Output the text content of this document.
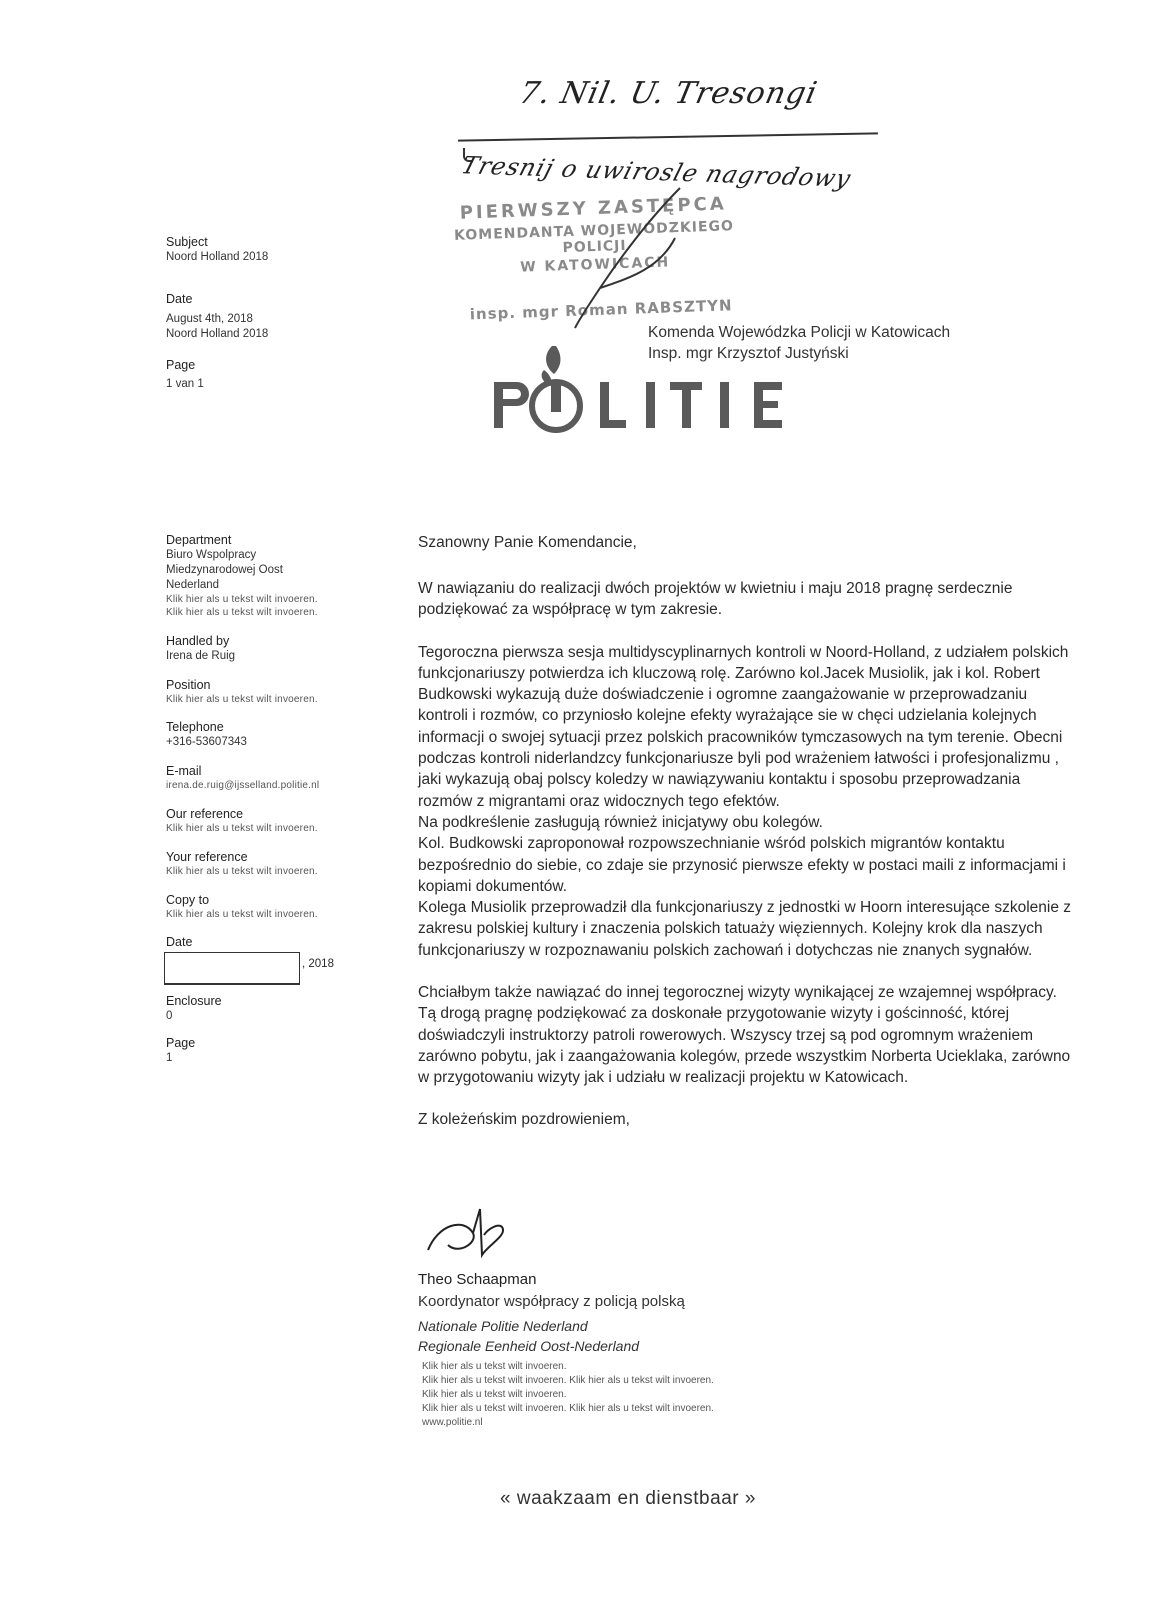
7. Nil. U. Tresongi
Tresnij o uwirosle nagrodowy
PIERWSZY ZASTĘPCA
KOMENDANTA WOJEWÓDZKIEGO POLICJI
W KATOWICACH
insp. mgr Roman RABSZTYN
Komenda Wojewódzka Policji w Katowicach
Insp. mgr Krzysztof Justyński
Subject
Noord Holland 2018
Date
August 4th, 2018
Noord Holland 2018
Page
1 van 1
Department
Biuro Wspolpracy
Miedzynarodowej Oost
Nederland
Klik hier als u tekst wilt invoeren.
Klik hier als u tekst wilt invoeren.
Handled by
Irena de Ruig
Position
Klik hier als u tekst wilt invoeren.
Telephone
+316-53607343
E-mail
irena.de.ruig@ijsselland.politie.nl
Our reference
Klik hier als u tekst wilt invoeren.
Your reference
Klik hier als u tekst wilt invoeren.
Copy to
Klik hier als u tekst wilt invoeren.
Date
, 2018
Enclosure
0
Page
1
Szanowny Panie Komendancie,

W nawiązaniu do realizacji dwóch projektów w kwietniu i maju 2018 pragnę serdecznie podziękować za współpracę w tym zakresie.

Tegoroczna pierwsza sesja multidyscyplinarnych kontroli w Noord-Holland, z udziałem polskich funkcjonariuszy potwierdza ich kluczową rolę. Zarówno kol.Jacek Musiolik, jak i kol. Robert Budkowski wykazują duże doświadczenie i ogromne zaangażowanie w przeprowadzaniu kontroli i rozmów, co przyniosło kolejne efekty wyrażające sie w chęci udzielania kolejnych informacji o swojej sytuacji przez polskich pracowników tymczasowych na tym terenie. Obecni podczas kontroli niderlandzcy funkcjonariusze byli pod wrażeniem łatwości i profesjonalizmu , jaki wykazują obaj polscy koledzy w nawiązywaniu kontaktu i sposobu przeprowadzania rozmów z migrantami oraz widocznych tego efektów.

Na podkreślenie zasługują również inicjatywy obu kolegów.

Kol. Budkowski zaproponował rozpowszechnianie wśród polskich migrantów kontaktu bezpośrednio do siebie, co zdaje sie przynosić pierwsze efekty w postaci maili z informacjami i kopiami dokumentów.

Kolega Musiolik przeprowadził dla funkcjonariuszy z jednostki w Hoorn interesujące szkolenie z zakresu polskiej kultury i znaczenia polskich tatuaży więziennych. Kolejny krok dla naszych funkcjonariuszy w rozpoznawaniu polskich zachowań i dotychczas nie znanych sygnałów.

Chciałbym także nawiązać do innej tegorocznej wizyty wynikającej ze wzajemnej współpracy. Tą drogą pragnę podziękować za doskonałe przygotowanie wizyty i gościnność, której doświadczyli instruktorzy patroli rowerowych. Wszyscy trzej są pod ogromnym wrażeniem zarówno pobytu, jak i zaangażowania kolegów, przede wszystkim Norberta Ucieklaka, zarówno w przygotowaniu wizyty jak i udziału w realizacji projektu w Katowicach.

Z koleżeńskim pozdrowieniem,

Theo Schaapman
Koordynator współpracy z policją polską
Nationale Politie Nederland
Regionale Eenheid Oost-Nederland
Klik hier als u tekst wilt invoeren.
Klik hier als u tekst wilt invoeren. Klik hier als u tekst wilt invoeren.
Klik hier als u tekst wilt invoeren.
Klik hier als u tekst wilt invoeren. Klik hier als u tekst wilt invoeren.
www.politie.nl
« waakzaam en dienstbaar »
